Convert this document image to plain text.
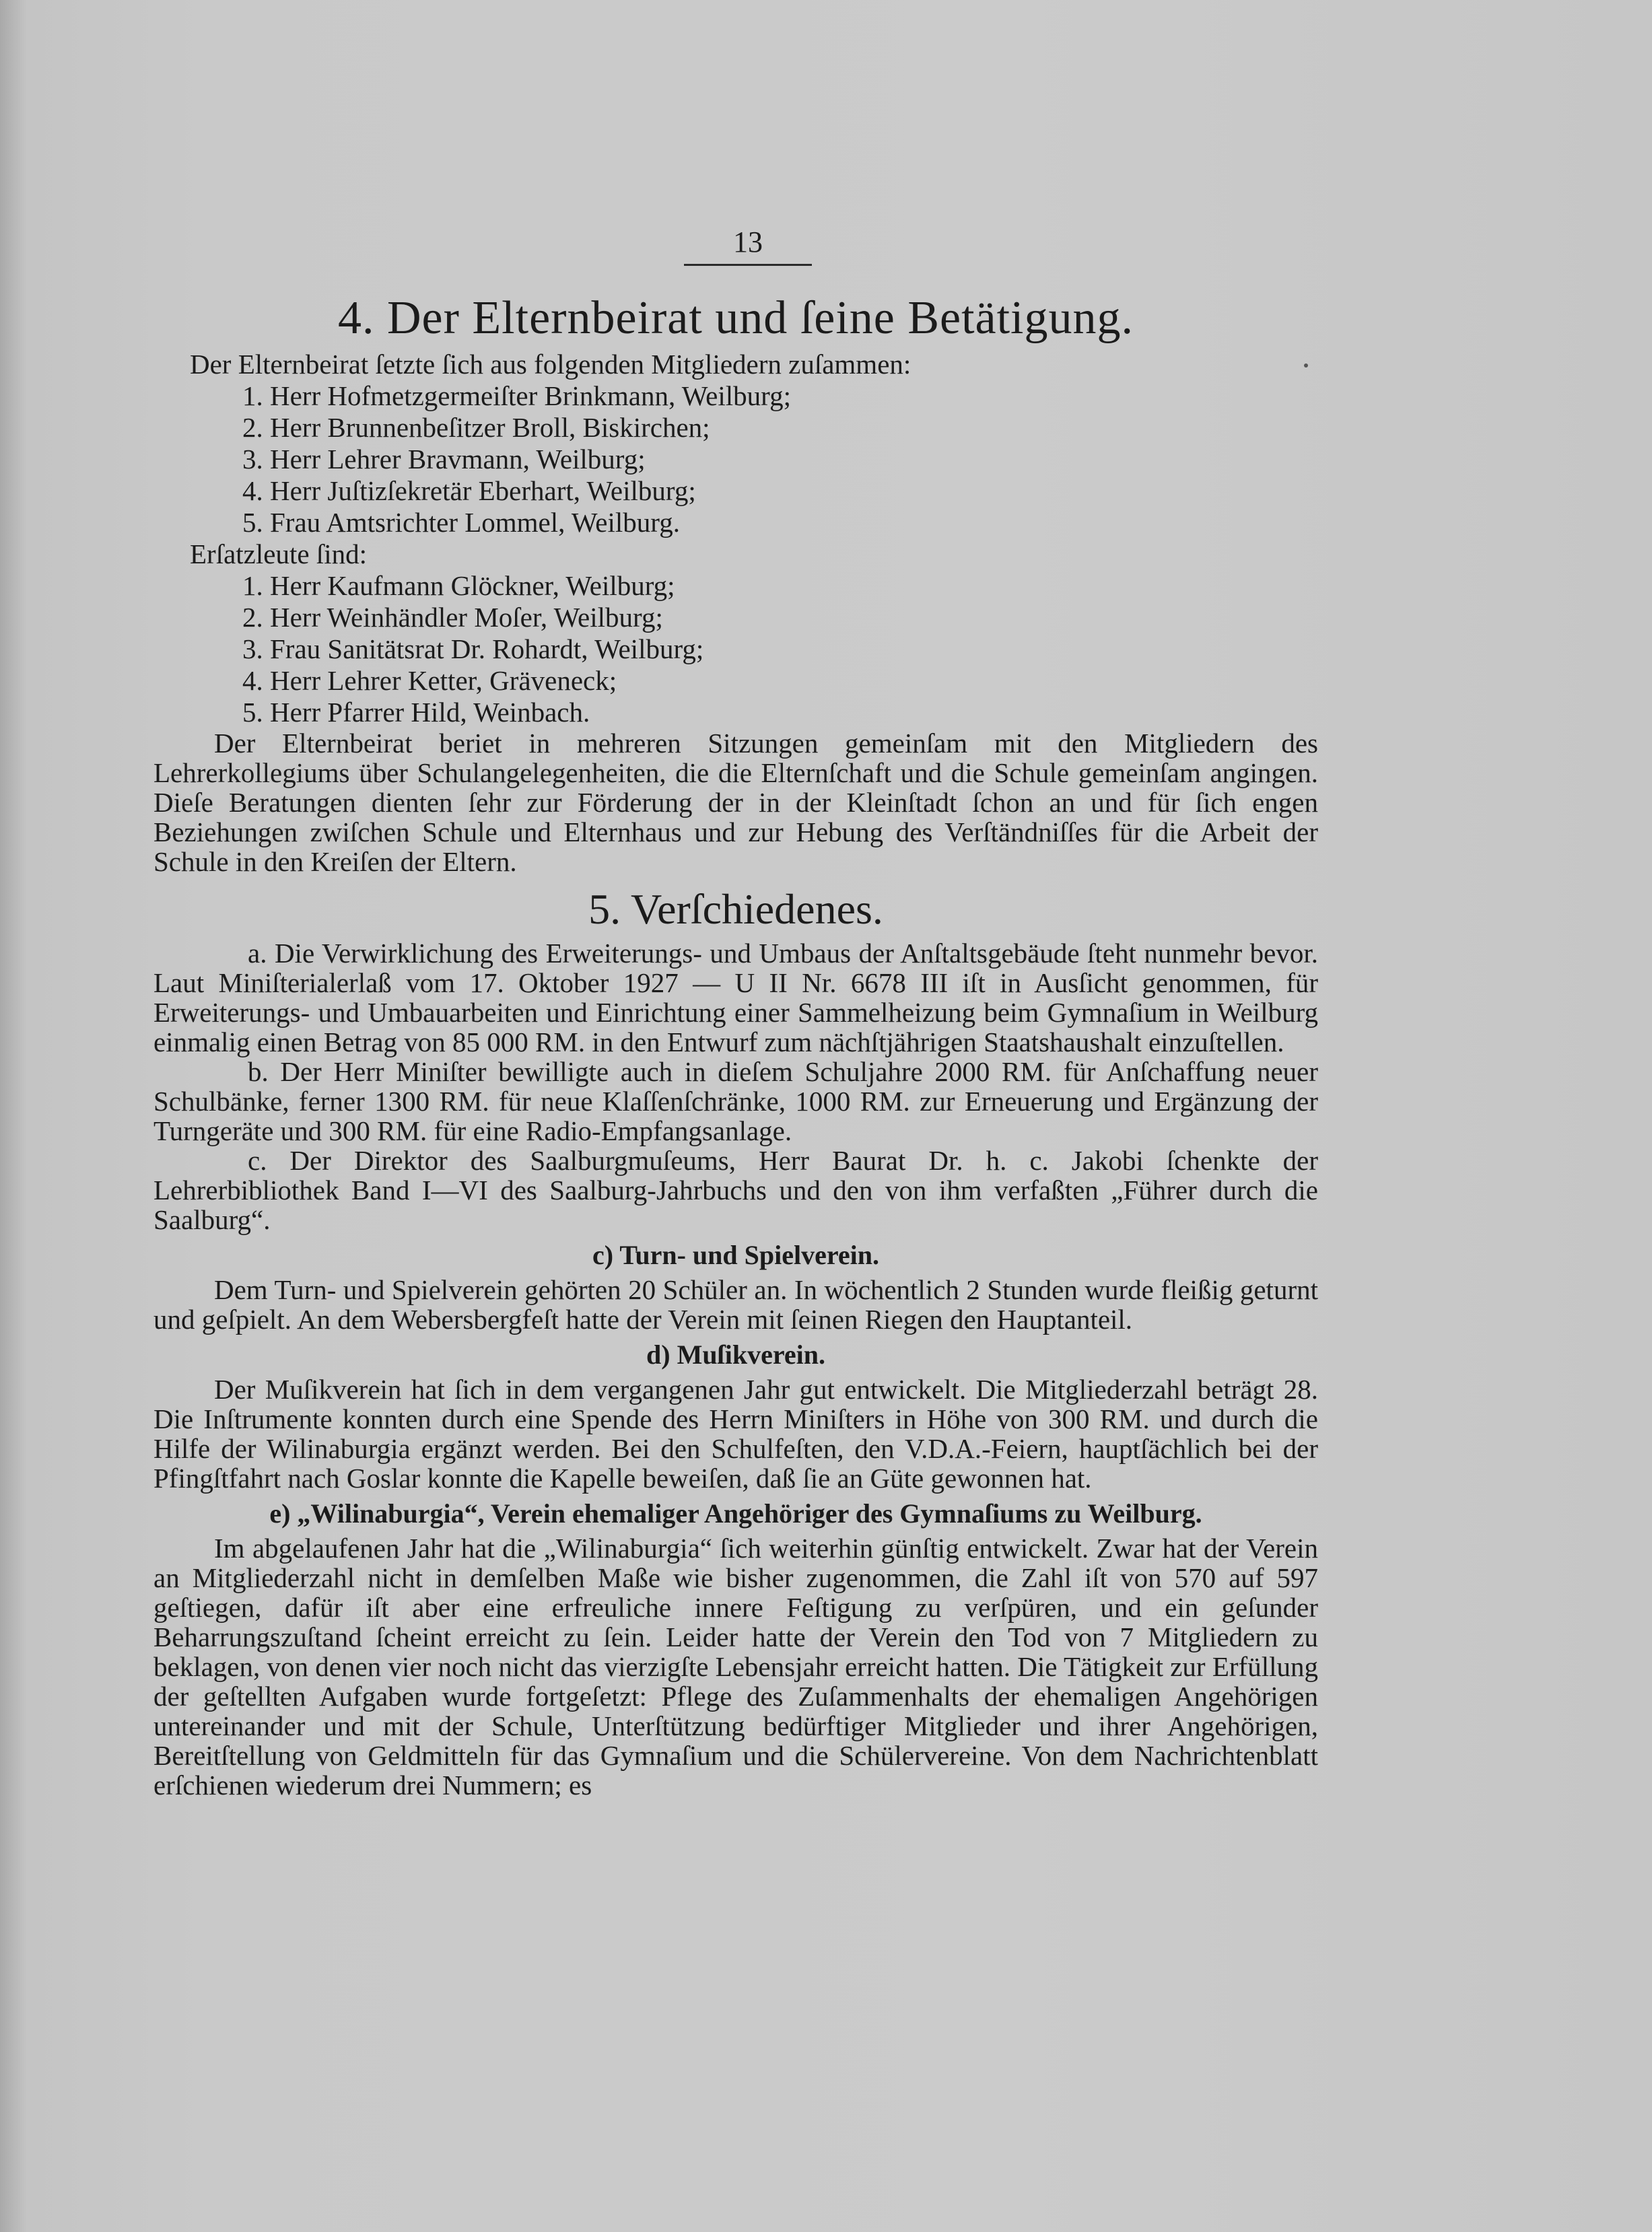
13
4. Der Elternbeirat und ſeine Betätigung.
Der Elternbeirat ſetzte ſich aus folgenden Mitgliedern zuſammen:
1. Herr Hofmetzgermeiſter Brinkmann, Weilburg;
2. Herr Brunnenbeſitzer Broll, Biskirchen;
3. Herr Lehrer Bravmann, Weilburg;
4. Herr Juſtizſekretär Eberhart, Weilburg;
5. Frau Amtsrichter Lommel, Weilburg.
Erſatzleute ſind:
1. Herr Kaufmann Glöckner, Weilburg;
2. Herr Weinhändler Moſer, Weilburg;
3. Frau Sanitätsrat Dr. Rohardt, Weilburg;
4. Herr Lehrer Ketter, Gräveneck;
5. Herr Pfarrer Hild, Weinbach.

Der Elternbeirat beriet in mehreren Sitzungen gemeinſam mit den Mitgliedern des Lehrerkollegiums über Schulangelegenheiten, die die Elternſchaft und die Schule gemeinſam angingen. Dieſe Beratungen dienten ſehr zur Förderung der in der Kleinſtadt ſchon an und für ſich engen Beziehungen zwiſchen Schule und Elternhaus und zur Hebung des Verſtändniſſes für die Arbeit der Schule in den Kreiſen der Eltern.

5. Verſchiedenes.

a. Die Verwirklichung des Erweiterungs- und Umbaus der Anſtaltsgebäude ſteht nunmehr bevor. Laut Miniſterialerlaß vom 17. Oktober 1927 — U II Nr. 6678 III iſt in Ausſicht genommen, für Erweiterungs- und Umbauarbeiten und Einrichtung einer Sammelheizung beim Gymnaſium in Weilburg einmalig einen Betrag von 85 000 RM. in den Entwurf zum nächſtjährigen Staatshaushalt einzuſtellen.

b. Der Herr Miniſter bewilligte auch in dieſem Schuljahre 2000 RM. für Anſchaffung neuer Schulbänke, ferner 1300 RM. für neue Klaſſenſchränke, 1000 RM. zur Erneuerung und Ergänzung der Turngeräte und 300 RM. für eine Radio-Empfangsanlage.

c. Der Direktor des Saalburgmuſeums, Herr Baurat Dr. h. c. Jakobi ſchenkte der Lehrerbibliothek Band I—VI des Saalburg-Jahrbuchs und den von ihm verfaßten „Führer durch die Saalburg“.

c) Turn- und Spielverein.

Dem Turn- und Spielverein gehörten 20 Schüler an. In wöchentlich 2 Stunden wurde fleißig geturnt und geſpielt. An dem Webersbergfeſt hatte der Verein mit ſeinen Riegen den Hauptanteil.

d) Muſikverein.

Der Muſikverein hat ſich in dem vergangenen Jahr gut entwickelt. Die Mitgliederzahl beträgt 28. Die Inſtrumente konnten durch eine Spende des Herrn Miniſters in Höhe von 300 RM. und durch die Hilfe der Wilinaburgia ergänzt werden. Bei den Schulfeſten, den V.D.A.-Feiern, hauptſächlich bei der Pfingſtfahrt nach Goslar konnte die Kapelle beweiſen, daß ſie an Güte gewonnen hat.

e) „Wilinaburgia“, Verein ehemaliger Angehöriger des Gymnaſiums zu Weilburg.

Im abgelaufenen Jahr hat die „Wilinaburgia“ ſich weiterhin günſtig entwickelt. Zwar hat der Verein an Mitgliederzahl nicht in demſelben Maße wie bisher zugenommen, die Zahl iſt von 570 auf 597 geſtiegen, dafür iſt aber eine erfreuliche innere Feſtigung zu verſpüren, und ein geſunder Beharrungszuſtand ſcheint erreicht zu ſein. Leider hatte der Verein den Tod von 7 Mitgliedern zu beklagen, von denen vier noch nicht das vierzigſte Lebensjahr erreicht hatten. Die Tätigkeit zur Erfüllung der geſtellten Aufgaben wurde fortgeſetzt: Pflege des Zuſammenhalts der ehemaligen Angehörigen untereinander und mit der Schule, Unterſtützung bedürftiger Mitglieder und ihrer Angehörigen, Bereitſtellung von Geldmitteln für das Gymnaſium und die Schülervereine. Von dem Nachrichtenblatt erſchienen wiederum drei Nummern; es
